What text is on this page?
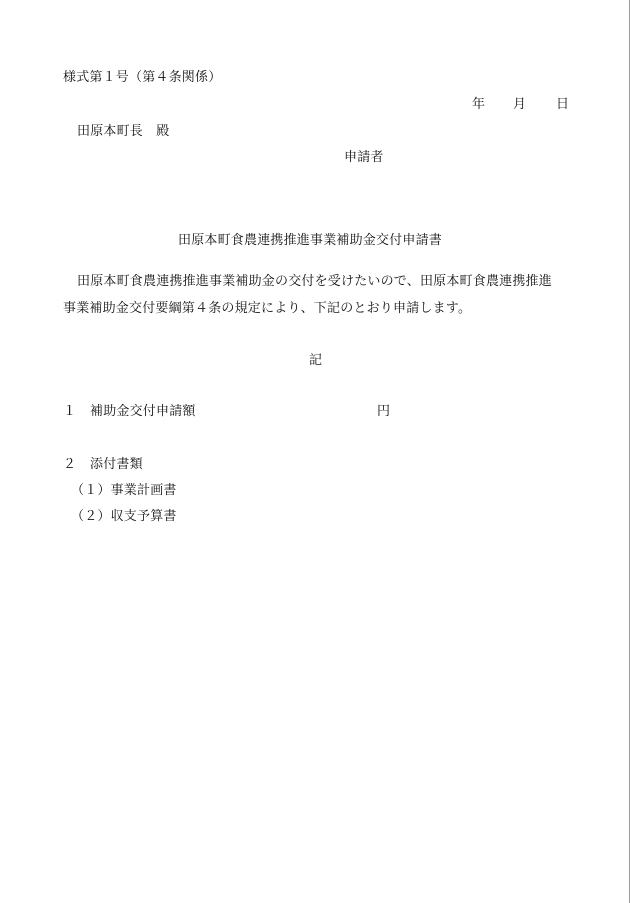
様式第１号（第４条関係）
年 月 日
田原本町長　殿
申請者
田原本町食農連携推進事業補助金交付申請書
田原本町食農連携推進事業補助金の交付を受けたいので、田原本町食農連携推進
事業補助金交付要綱第４条の規定により、下記のとおり申請します。
記
１ 補助金交付申請額	円
２ 添付書類
（１）事業計画書
（２）収支予算書
